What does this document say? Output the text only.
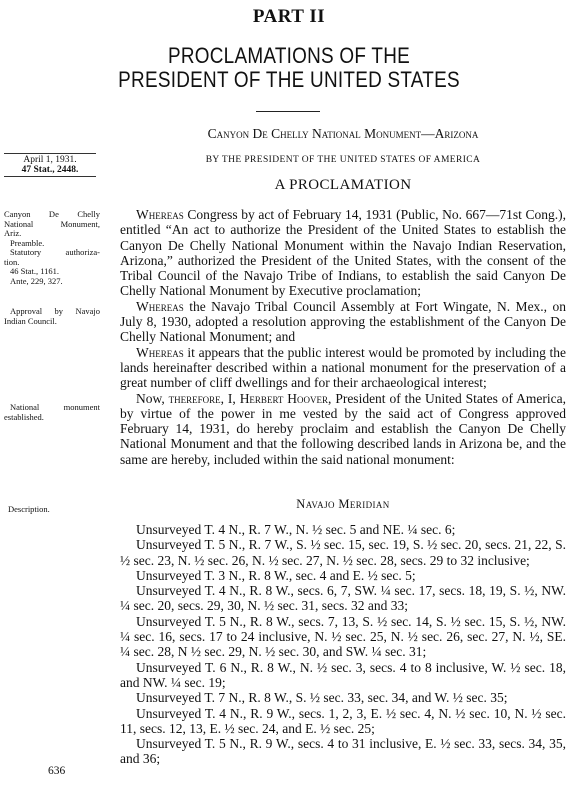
PART II
PROCLAMATIONS OF THE
PRESIDENT OF THE UNITED STATES
Canyon De Chelly National Monument—Arizona
April 1, 1931.
47 Stat., 2448.
BY THE PRESIDENT OF THE UNITED STATES OF AMERICA
A PROCLAMATION
Canyon De Chelly
National Monument,
Ariz.
Preamble.
Statutory authoriza-
tion.
46 Stat., 1161.
Ante, 229, 327.
Approval by Navajo
Indian Council.
National monument
established.
Description.

Whereas Congress by act of February 14, 1931 (Public, No. 667—71st Cong.), entitled “An act to authorize the President of the United States to establish the Canyon De Chelly National Monument within the Navajo Indian Reservation, Arizona,” authorized the President of the United States, with the consent of the Tribal Council of the Navajo Tribe of Indians, to establish the said Canyon De Chelly National Monument by Executive proclamation;

Whereas the Navajo Tribal Council Assembly at Fort Wingate, N. Mex., on July 8, 1930, adopted a resolution approving the establishment of the Canyon De Chelly National Monument; and

Whereas it appears that the public interest would be promoted by including the lands hereinafter described within a national monument for the preservation of a great number of cliff dwellings and for their archaeological interest;

Now, therefore, I, Herbert Hoover, President of the United States of America, by virtue of the power in me vested by the said act of Congress approved February 14, 1931, do hereby proclaim and establish the Canyon De Chelly National Monument and that the following described lands in Arizona be, and the same are hereby, included within the said national monument:

Navajo Meridian

Unsurveyed T. 4 N., R. 7 W., N. ½ sec. 5 and NE. ¼ sec. 6;

Unsurveyed T. 5 N., R. 7 W., S. ½ sec. 15, sec. 19, S. ½ sec. 20, secs. 21, 22, S. ½ sec. 23, N. ½ sec. 26, N. ½ sec. 27, N. ½ sec. 28, secs. 29 to 32 inclusive;

Unsurveyed T. 3 N., R. 8 W., sec. 4 and E. ½ sec. 5;

Unsurveyed T. 4 N., R. 8 W., secs. 6, 7, SW. ¼ sec. 17, secs. 18, 19, S. ½, NW. ¼ sec. 20, secs. 29, 30, N. ½ sec. 31, secs. 32 and 33;

Unsurveyed T. 5 N., R. 8 W., secs. 7, 13, S. ½ sec. 14, S. ½ sec. 15, S. ½, NW. ¼ sec. 16, secs. 17 to 24 inclusive, N. ½ sec. 25, N. ½ sec. 26, sec. 27, N. ½, SE. ¼ sec. 28, N ½ sec. 29, N. ½ sec. 30, and SW. ¼ sec. 31;

Unsurveyed T. 6 N., R. 8 W., N. ½ sec. 3, secs. 4 to 8 inclusive, W. ½ sec. 18, and NW. ¼ sec. 19;

Unsurveyed T. 7 N., R. 8 W., S. ½ sec. 33, sec. 34, and W. ½ sec. 35;

Unsurveyed T. 4 N., R. 9 W., secs. 1, 2, 3, E. ½ sec. 4, N. ½ sec. 10, N. ½ sec. 11, secs. 12, 13, E. ½ sec. 24, and E. ½ sec. 25;

Unsurveyed T. 5 N., R. 9 W., secs. 4 to 31 inclusive, E. ½ sec. 33, secs. 34, 35, and 36;

636
